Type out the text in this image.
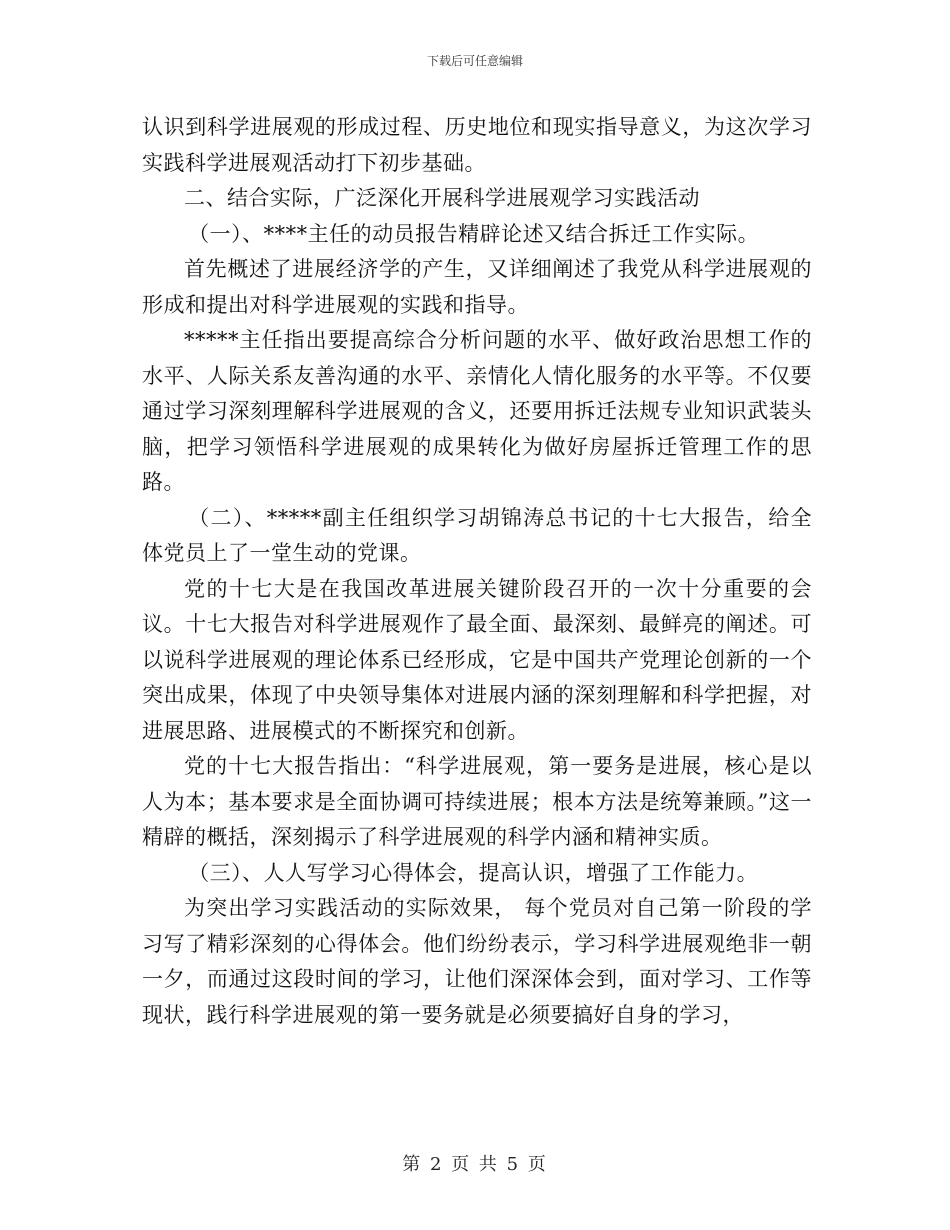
下载后可任意编辑

认识到科学进展观的形成过程、历史地位和现实指导意义，为这次学习实践科学进展观活动打下初步基础。

二、结合实际，广泛深化开展科学进展观学习实践活动

（一）、****主任的动员报告精辟论述又结合拆迁工作实际。

首先概述了进展经济学的产生，又详细阐述了我党从科学进展观的形成和提出对科学进展观的实践和指导。

*****主任指出要提高综合分析问题的水平、做好政治思想工作的水平、人际关系友善沟通的水平、亲情化人情化服务的水平等。不仅要通过学习深刻理解科学进展观的含义，还要用拆迁法规专业知识武装头脑，把学习领悟科学进展观的成果转化为做好房屋拆迁管理工作的思路。

（二）、*****副主任组织学习胡锦涛总书记的十七大报告，给全体党员上了一堂生动的党课。

党的十七大是在我国改革进展关键阶段召开的一次十分重要的会议。十七大报告对科学进展观作了最全面、最深刻、最鲜亮的阐述。可以说科学进展观的理论体系已经形成，它是中国共产党理论创新的一个突出成果，体现了中央领导集体对进展内涵的深刻理解和科学把握，对进展思路、进展模式的不断探究和创新。

党的十七大报告指出：“科学进展观，第一要务是进展，核心是以人为本；基本要求是全面协调可持续进展；根本方法是统筹兼顾。”这一精辟的概括，深刻揭示了科学进展观的科学内涵和精神实质。

（三）、人人写学习心得体会，提高认识，增强了工作能力。

为突出学习实践活动的实际效果， 每个党员对自己第一阶段的学习写了精彩深刻的心得体会。他们纷纷表示，学习科学进展观绝非一朝一夕，而通过这段时间的学习，让他们深深体会到，面对学习、工作等现状，践行科学进展观的第一要务就是必须要搞好自身的学习，

第 2 页 共 5 页
